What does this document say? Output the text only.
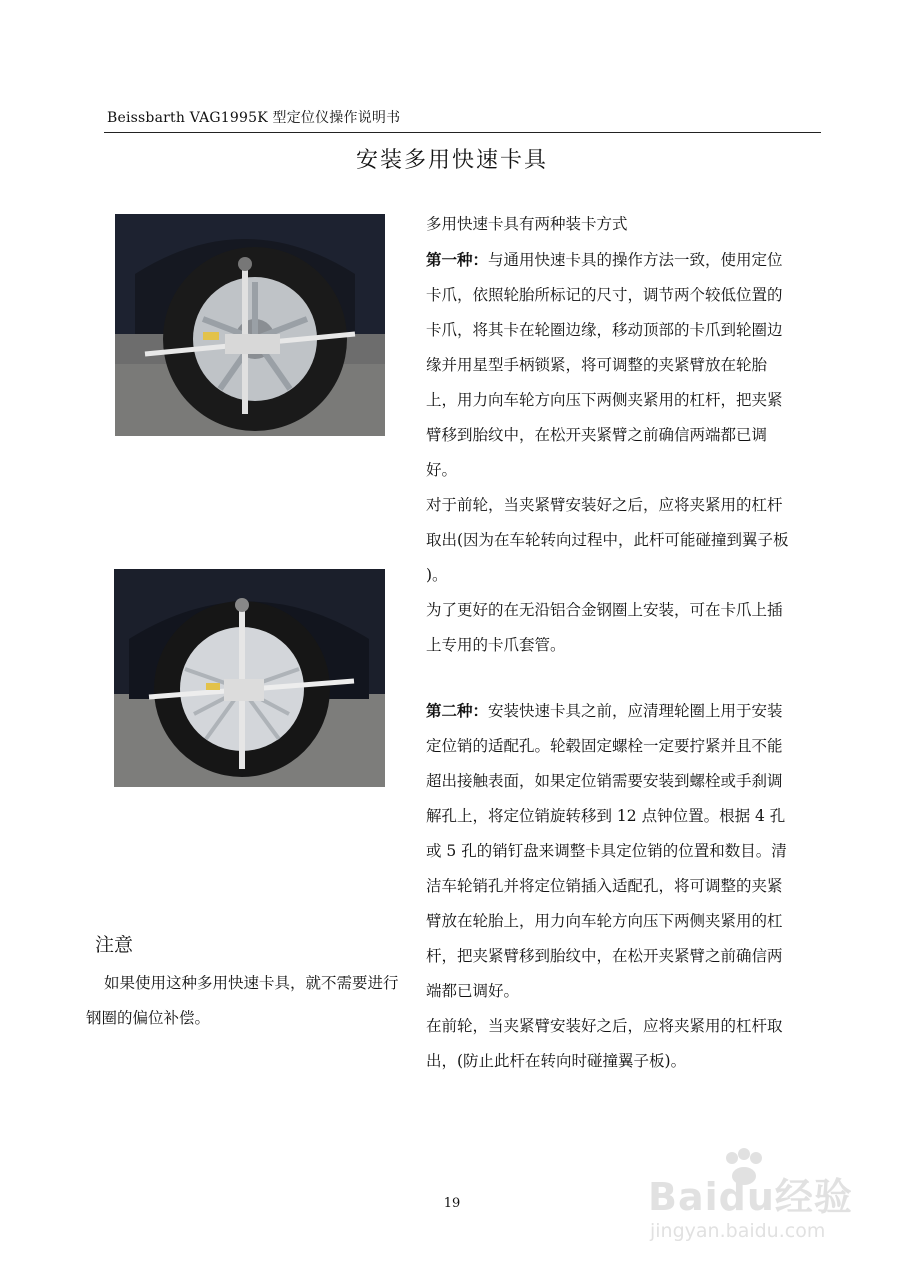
Beissbarth VAG1995K 型定位仪操作说明书
安装多用快速卡具

多用快速卡具有两种装卡方式

第一种：与通用快速卡具的操作方法一致，使用定位卡爪，依照轮胎所标记的尺寸，调节两个较低位置的卡爪，将其卡在轮圈边缘，移动顶部的卡爪到轮圈边缘并用星型手柄锁紧，将可调整的夹紧臂放在轮胎上，用力向车轮方向压下两侧夹紧用的杠杆，把夹紧臂移到胎纹中，在松开夹紧臂之前确信两端都已调好。

对于前轮，当夹紧臂安装好之后，应将夹紧用的杠杆取出(因为在车轮转向过程中，此杆可能碰撞到翼子板 )。

为了更好的在无沿铝合金钢圈上安装，可在卡爪上插上专用的卡爪套管。

第二种：安装快速卡具之前，应清理轮圈上用于安装定位销的适配孔。轮毂固定螺栓一定要拧紧并且不能超出接触表面，如果定位销需要安装到螺栓或手刹调解孔上，将定位销旋转移到 12 点钟位置。根据 4 孔或 5 孔的销钉盘来调整卡具定位销的位置和数目。清洁车轮销孔并将定位销插入适配孔，将可调整的夹紧臂放在轮胎上，用力向车轮方向压下两侧夹紧用的杠杆，把夹紧臂移到胎纹中，在松开夹紧臂之前确信两端都已调好。

在前轮，当夹紧臂安装好之后，应将夹紧用的杠杆取出，(防止此杆在转向时碰撞翼子板)。

注意
如果使用这种多用快速卡具，就不需要进行钢圈的偏位补偿。
19	Baidu经验
jingyan.baidu.com
